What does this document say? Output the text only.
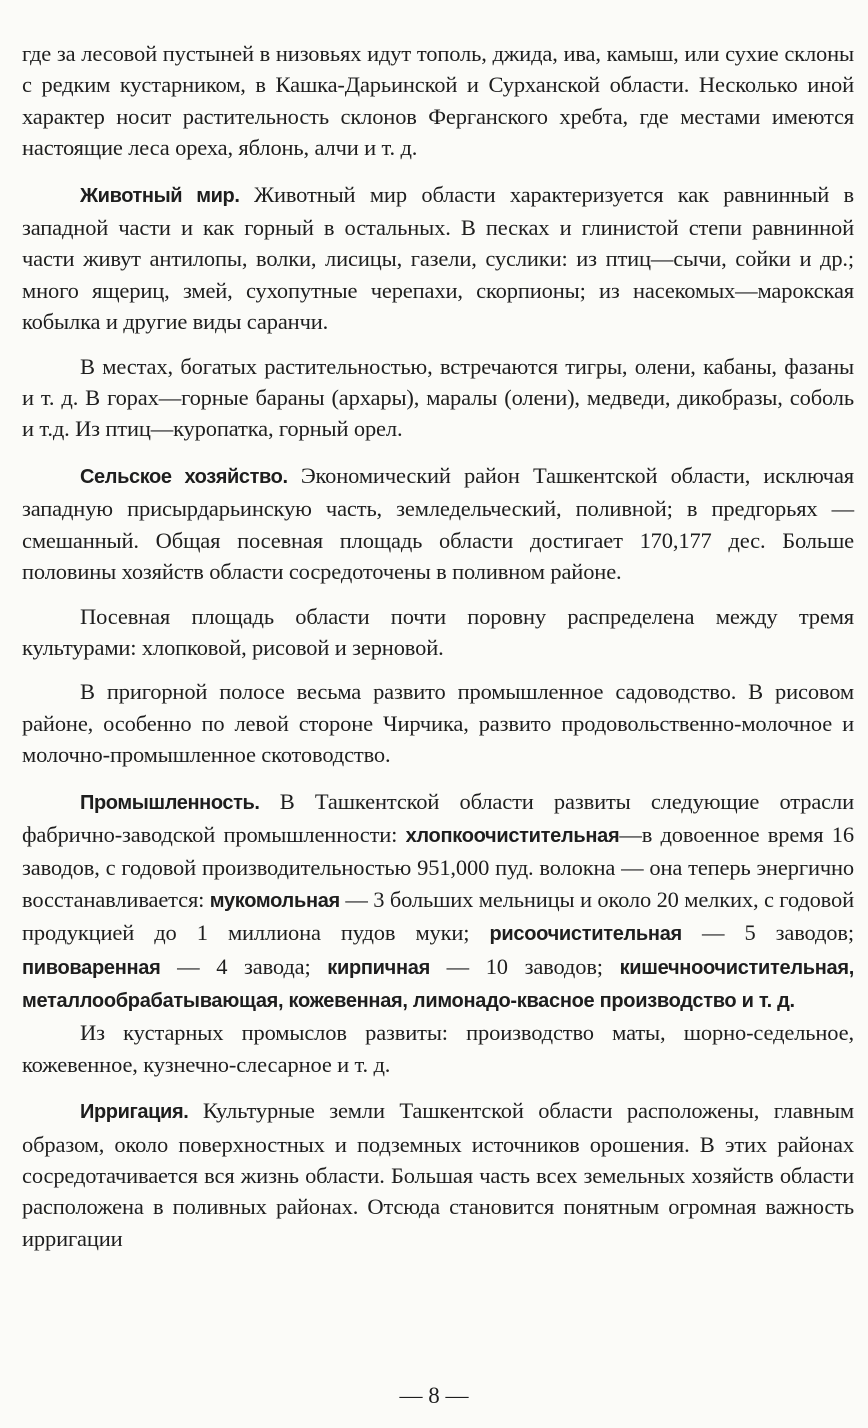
где за лесовой пустыней в низовьях идут тополь, джида, ива, камыш, или сухие склоны с редким кустарником, в Кашка-Дарьинской и Сурханской области. Несколько иной характер носит растительность склонов Ферганского хребта, где местами имеются настоящие леса ореха, яблонь, алчи и т. д.

Животный мир. Животный мир области характеризуется как равнинный в западной части и как горный в остальных. В песках и глинистой степи равнинной части живут антилопы, волки, лисицы, газели, суслики: из птиц—сычи, сойки и др.; много ящериц, змей, сухопутные черепахи, скорпионы; из насекомых—марокская кобылка и другие виды саранчи.

В местах, богатых растительностью, встречаются тигры, олени, кабаны, фазаны и т. д. В горах—горные бараны (архары), маралы (олени), медведи, дикобразы, соболь и т.д. Из птиц—куропатка, горный орел.

Сельское хозяйство. Экономический район Ташкентской области, исключая западную присырдарьинскую часть, земледельческий, поливной; в предгорьях — смешанный. Общая посевная площадь области достигает 170,177 дес. Больше половины хозяйств области сосредоточены в поливном районе.

Посевная площадь области почти поровну распределена между тремя культурами: хлопковой, рисовой и зерновой.

В пригорной полосе весьма развито промышленное садоводство. В рисовом районе, особенно по левой стороне Чирчика, развито продовольственно-молочное и молочно-промышленное скотоводство.

Промышленность. В Ташкентской области развиты следующие отрасли фабрично-заводской промышленности: хлопкоочистительная—в довоенное время 16 заводов, с годовой производительностью 951,000 пуд. волокна — она теперь энергично восстанавливается: мукомольная — 3 больших мельницы и около 20 мелких, с годовой продукцией до 1 миллиона пудов муки; рисоочистительная — 5 заводов; пивоваренная — 4 завода; кирпичная — 10 заводов; кишечноочистительная, металлообрабатывающая, кожевенная, лимонадо-квасное производство и т. д.

Из кустарных промыслов развиты: производство маты, шорно-седельное, кожевенное, кузнечно-слесарное и т. д.

Ирригация. Культурные земли Ташкентской области расположены, главным образом, около поверхностных и подземных источников орошения. В этих районах сосредотачивается вся жизнь области. Большая часть всех земельных хозяйств области расположена в поливных районах. Отсюда становится понятным огромная важность ирригации

— 8 —
